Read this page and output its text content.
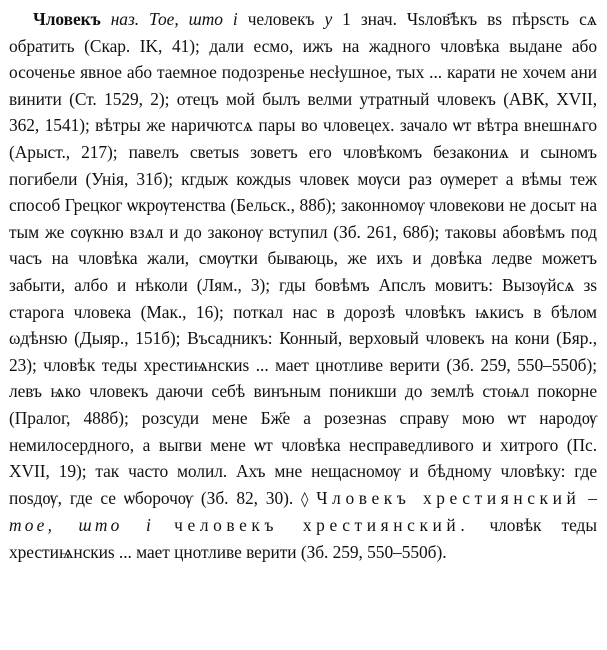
Чловекъ наз. Тое, што і человекъ у 1 знач. Чsлов҃ѣкъ вs пѣрsсть сѧ обратить (Скар. IK, 41); дали есмо, ижъ на жадного чловѣка выдане або осоченье явное або таемное подозренье несłушное, тых ... карати не хочем ани винити (Ст. 1529, 2); отецъ мой былъ велми утратный чловекъ (АВК, XVII, 362, 1541); вѣтры же наричютсѧ пары во чловецех. зачало ѡт вѣтра внешнѧго (Арыст., 217); павелъ светыs зоветъ его чловѣкомъ безакониѧ и сыномъ погибели (Унія, 31б); кгдыж кождыs чловек мѹси раз ѹмерет а вѣмы теж способ Грецког ѡкрѹтенства (Бельск., 88б); законномѹ чловекови не досыт на тым же сѹкню взѧл и до законѹ вступил (Зб. 261, 68б); таковы абовѣмъ под часъ на чловѣка жали, смѹтки бываюць, же ихъ и довѣка ледве можетъ забыти, албо и нѣколи (Лям., 3); гды бовѣмъ Апслъ мовитъ: Вызѹйсѧ зs старога чловека (Мак., 16); поткал нас в дорозѣ чловѣкъ ѩкисъ в бѣлом ωдѣнsю (Дыяр., 151б); Въсадникъ: Конный, верховый чловекъ на кони (Бяр., 23); чловѣк теды хрестиѩнскиs ... мает цнотливе верити (Зб. 259, 550–550б); левъ ѩко чловекъ даючи себѣ винъным поникши до землѣ стоѩл покорне (Пралог, 488б); розсуди мене Бж҃е а розезнаs справу мою ѡт народѹ немилосердного, а выrви мене ѡт чловѣка несправедливого и хитрого (Пс. XVII, 19); так часто молил. Ахъ мне нещасномѹ и бѣдному чловѣку: где поsдѹ, где се ѡборочѹ (Зб. 82, 30). ◊ Чловекъ хрестиянский – тое, што і человекъ хрестиянский. чловѣк теды хрестиѩнскиs ... мает цнотливе верити (Зб. 259, 550–550б).
